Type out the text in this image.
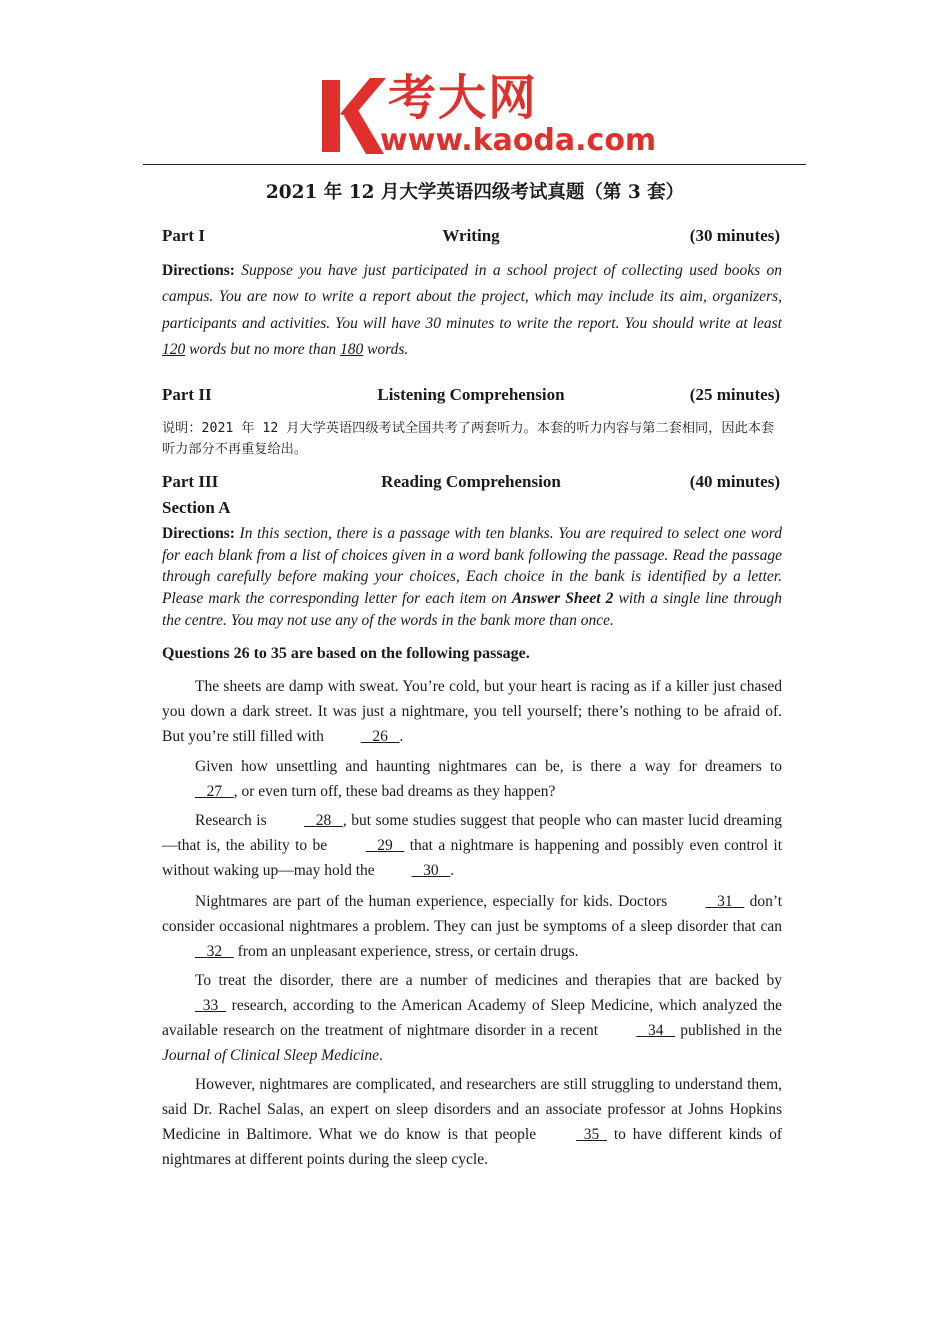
考大网
www.kaoda.com
2021 年 12 月大学英语四级考试真题（第 3 套）
Part I	Writing	(30 minutes)
Directions: Suppose you have just participated in a school project of collecting used books on campus. You are now to write a report about the project, which may include its aim, organizers, participants and activities. You will have 30 minutes to write the report. You should write at least 120 words but no more than 180 words.
Part II	Listening Comprehension	(25 minutes)
说明：2021 年 12 月大学英语四级考试全国共考了两套听力。本套的听力内容与第二套相同，因此本套听力部分不再重复给出。
Part III	Reading Comprehension	(40 minutes)
Section A
Directions: In this section, there is a passage with ten blanks. You are required to select one word for each blank from a list of choices given in a word bank following the passage. Read the passage through carefully before making your choices, Each choice in the bank is identified by a letter. Please mark the corresponding letter for each item on Answer Sheet 2 with a single line through the centre. You may not use any of the words in the bank more than once.
Questions 26 to 35 are based on the following passage.

The sheets are damp with sweat. You’re cold, but your heart is racing as if a killer just chased you down a dark street. It was just a nightmare, you tell yourself; there’s nothing to be afraid of. But you’re still filled with	26 .

Given how unsettling and haunting nightmares can be, is there a way for dreamers to    27 , or even turn off, these bad dreams as they happen?

Research is	28 , but some studies suggest that people who can master lucid dreaming—that is, the ability to be	29 that a nightmare is happening and possibly even control it without waking up—may hold the	30 .

Nightmares are part of the human experience, especially for kids. Doctors	31 don’t consider occasional nightmares a problem. They can just be symptoms of a sleep disorder that can    32 from an unpleasant experience, stress, or certain drugs.

To treat the disorder, there are a number of medicines and therapies that are backed by   33 research, according to the American Academy of Sleep Medicine, which analyzed the available research on the treatment of nightmare disorder in a recent	34 published in the Journal of Clinical Sleep Medicine.

However, nightmares are complicated, and researchers are still struggling to understand them, said Dr. Rachel Salas, an expert on sleep disorders and an associate professor at Johns Hopkins Medicine in Baltimore. What we do know is that people	35 to have different kinds of nightmares at different points during the sleep cycle.
